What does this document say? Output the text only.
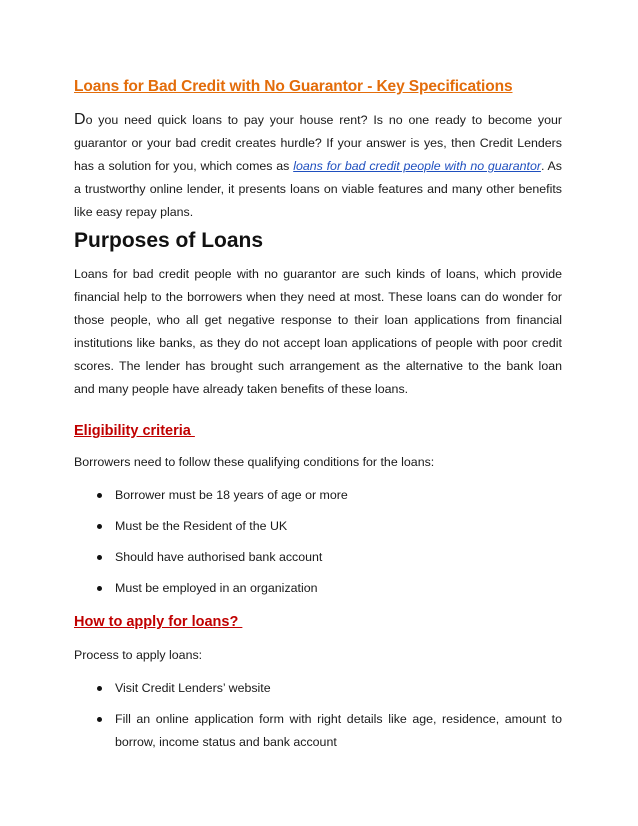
Loans for Bad Credit with No Guarantor - Key Specifications

Do you need quick loans to pay your house rent? Is no one ready to become your guarantor or your bad credit creates hurdle? If your answer is yes, then Credit Lenders has a solution for you, which comes as loans for bad credit people with no guarantor. As a trustworthy online lender, it presents loans on viable features and many other benefits like easy repay plans.

Purposes of Loans

Loans for bad credit people with no guarantor are such kinds of loans, which provide financial help to the borrowers when they need at most. These loans can do wonder for those people, who all get negative response to their loan applications from financial institutions like banks, as they do not accept loan applications of people with poor credit scores. The lender has brought such arrangement as the alternative to the bank loan and many people have already taken benefits of these loans.

Eligibility criteria

Borrowers need to follow these qualifying conditions for the loans:

Borrower must be 18 years of age or more
Must be the Resident of the UK
Should have authorised bank account
Must be employed in an organization
How to apply for loans?

Process to apply loans:

Visit Credit Lenders’ website
Fill an online application form with right details like age, residence, amount to borrow, income status and bank account
